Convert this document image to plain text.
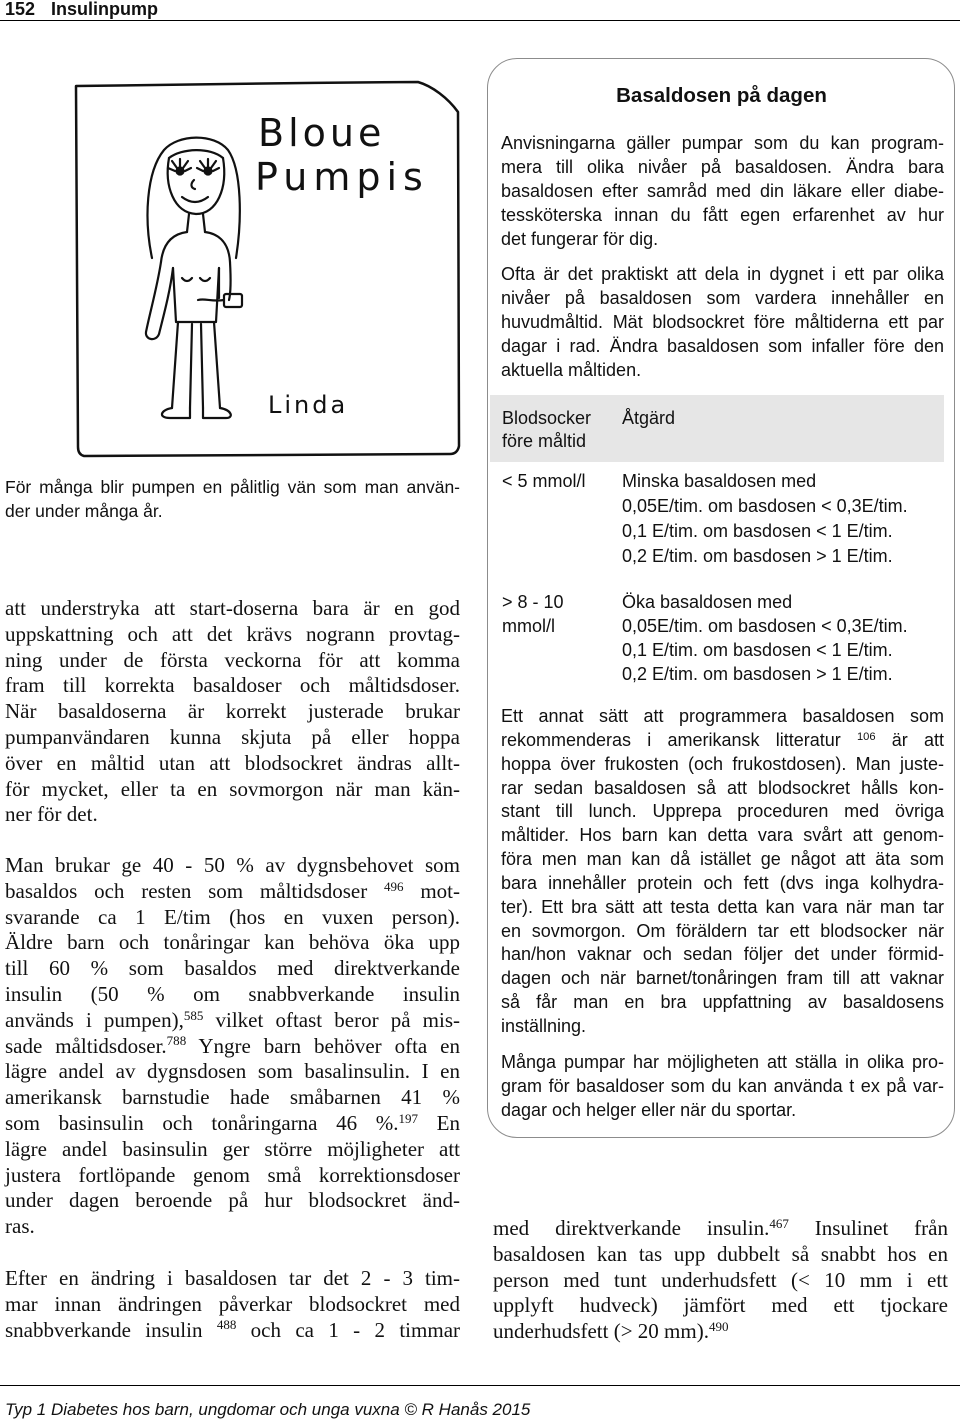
152 Insulinpump
Bloue
Pumpis
Linda
För många blir pumpen en pålitlig vän som man använ-
der under många år.
att understryka att start-doserna bara är en god
uppskattning och att det krävs nogrann provtag-
ning under de första veckorna för att komma
fram till korrekta basaldoser och måltidsdoser.
När basaldoserna är korrekt justerade brukar
pumpanvändaren kunna skjuta på eller hoppa
över en måltid utan att blodsockret ändras allt-
för mycket, eller ta en sovmorgon när man kän-
ner för det.
Man brukar ge 40 - 50 % av dygnsbehovet som
basaldos och resten som måltidsdoser $^{496}$ mot-
svarande ca 1 E/tim (hos en vuxen person).
Äldre barn och tonåringar kan behöva öka upp
till 60 % som basaldos med direktverkande
insulin (50 % om snabbverkande insulin
används i pumpen),$^{585}$ vilket oftast beror på mis-
sade måltidsdoser.$^{788}$ Yngre barn behöver ofta en
lägre andel av dygnsdosen som basalinsulin. I en
amerikansk barnstudie hade småbarnen 41 %
som basinsulin och tonåringarna 46 %.$^{197}$ En
lägre andel basinsulin ger större möjligheter att
justera fortlöpande genom små korrektionsdoser
under dagen beroende på hur blodsockret änd-
ras.
Efter en ändring i basaldosen tar det 2 - 3 tim-
mar innan ändringen påverkar blodsockret med
snabbverkande insulin $^{488}$ och ca 1 - 2 timmar
Basaldosen på dagen
Anvisningarna gäller pumpar som du kan program-
mera till olika nivåer på basaldosen. Ändra bara
basaldosen efter samråd med din läkare eller diabe-
tessköterska innan du fått egen erfarenhet av hur
det fungerar för dig.
Ofta är det praktiskt att dela in dygnet i ett par olika
nivåer på basaldosen som vardera innehåller en
huvudmåltid. Mät blodsockret före måltiderna ett par
dagar i rad. Ändra basaldosen som infaller före den
aktuella måltiden.
Blodsocker
före måltid
Åtgärd
< 5 mmol/l	Minska basaldosen med
0,05E/tim. om basdosen < 0,3E/tim.
0,1 E/tim. om basdosen < 1 E/tim.
0,2 E/tim. om basdosen > 1 E/tim.
> 8 - 10
mmol/l
Öka basaldosen med
0,05E/tim. om basdosen < 0,3E/tim.
0,1 E/tim. om basdosen < 1 E/tim.
0,2 E/tim. om basdosen > 1 E/tim.
Ett annat sätt att programmera basaldosen som
rekommenderas i amerikansk litteratur $^{106}$ är att
hoppa över frukosten (och frukostdosen). Man juste-
rar sedan basaldosen så att blodsockret hålls kon-
stant till lunch. Upprepa proceduren med övriga
måltider. Hos barn kan detta vara svårt att genom-
föra men man kan då istället ge något att äta som
bara innehåller protein och fett (dvs inga kolhydra-
ter). Ett bra sätt att testa detta kan vara när man tar
en sovmorgon. Om föräldern tar ett blodsocker när
han/hon vaknar och sedan följer det under förmid-
dagen och när barnet/tonåringen fram till att vaknar
så får man en bra uppfattning av basaldosens
inställning.
Många pumpar har möjligheten att ställa in olika pro-
gram för basaldoser som du kan använda t ex på var-
dagar och helger eller när du sportar.
med direktverkande insulin.$^{467}$ Insulinet från
basaldosen kan tas upp dubbelt så snabbt hos en
person med tunt underhudsfett (< 10 mm i ett
upplyft hudveck) jämfört med ett tjockare
underhudsfett (> 20 mm).$^{490}$
Typ 1 Diabetes hos barn, ungdomar och unga vuxna © R Hanås 2015
